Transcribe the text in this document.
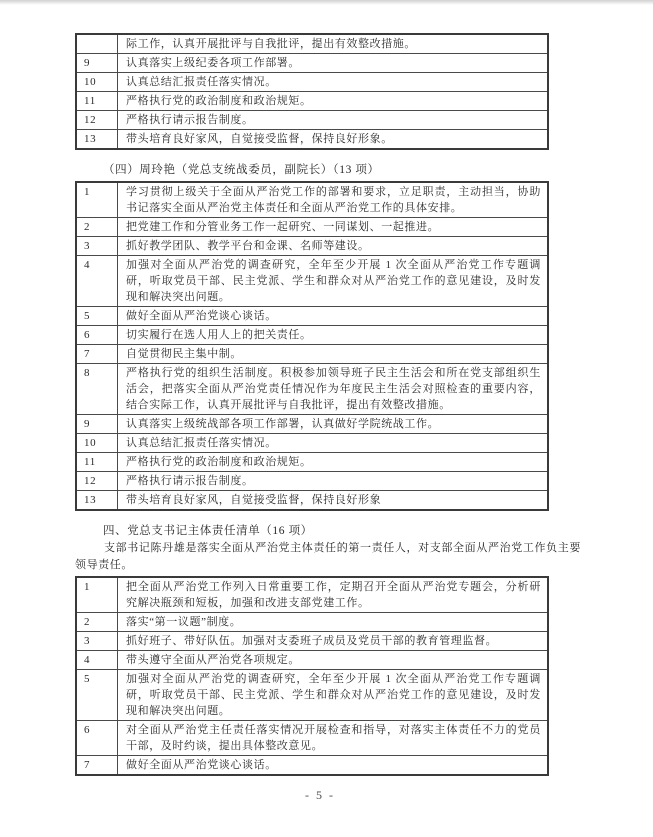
	际工作，认真开展批评与自我批评，提出有效整改措施。
9	认真落实上级纪委各项工作部署。
10	认真总结汇报责任落实情况。
11	严格执行党的政治制度和政治规矩。
12	严格执行请示报告制度。
13	带头培育良好家风，自觉接受监督，保持良好形象。

（四）周玲艳（党总支统战委员，副院长）（13 项）

1	学习贯彻上级关于全面从严治党工作的部署和要求，立足职责，主动担当，协助书记落实全面从严治党主体责任和全面从严治党工作的具体安排。
2	把党建工作和分管业务工作一起研究、一同谋划、一起推进。
3	抓好教学团队、教学平台和金课、名师等建设。
4	加强对全面从严治党的调查研究，全年至少开展 1 次全面从严治党工作专题调研，听取党员干部、民主党派、学生和群众对从严治党工作的意见建设，及时发现和解决突出问题。
5	做好全面从严治党谈心谈话。
6	切实履行在选人用人上的把关责任。
7	自觉贯彻民主集中制。
8	严格执行党的组织生活制度。积极参加领导班子民主生活会和所在党支部组织生活会，把落实全面从严治党责任情况作为年度民主生活会对照检查的重要内容，结合实际工作，认真开展批评与自我批评，提出有效整改措施。
9	认真落实上级统战部各项工作部署，认真做好学院统战工作。
10	认真总结汇报责任落实情况。
11	严格执行党的政治制度和政治规矩。
12	严格执行请示报告制度。
13	带头培育良好家风，自觉接受监督，保持良好形象

四、党总支书记主体责任清单（16 项）

支部书记陈丹雄是落实全面从严治党主体责任的第一责任人，对支部全面从严治党工作负主要领导责任。

1	把全面从严治党工作列入日常重要工作，定期召开全面从严治党专题会，分析研究解决瓶颈和短板，加强和改进支部党建工作。
2	落实“第一议题”制度。
3	抓好班子、带好队伍。加强对支委班子成员及党员干部的教育管理监督。
4	带头遵守全面从严治党各项规定。
5	加强对全面从严治党的调查研究，全年至少开展 1 次全面从严治党工作专题调研，听取党员干部、民主党派、学生和群众对从严治党工作的意见建设，及时发现和解决突出问题。
6	对全面从严治党主任责任落实情况开展检查和指导，对落实主体责任不力的党员干部，及时约谈，提出具体整改意见。
7	做好全面从严治党谈心谈话。
- 5 -
